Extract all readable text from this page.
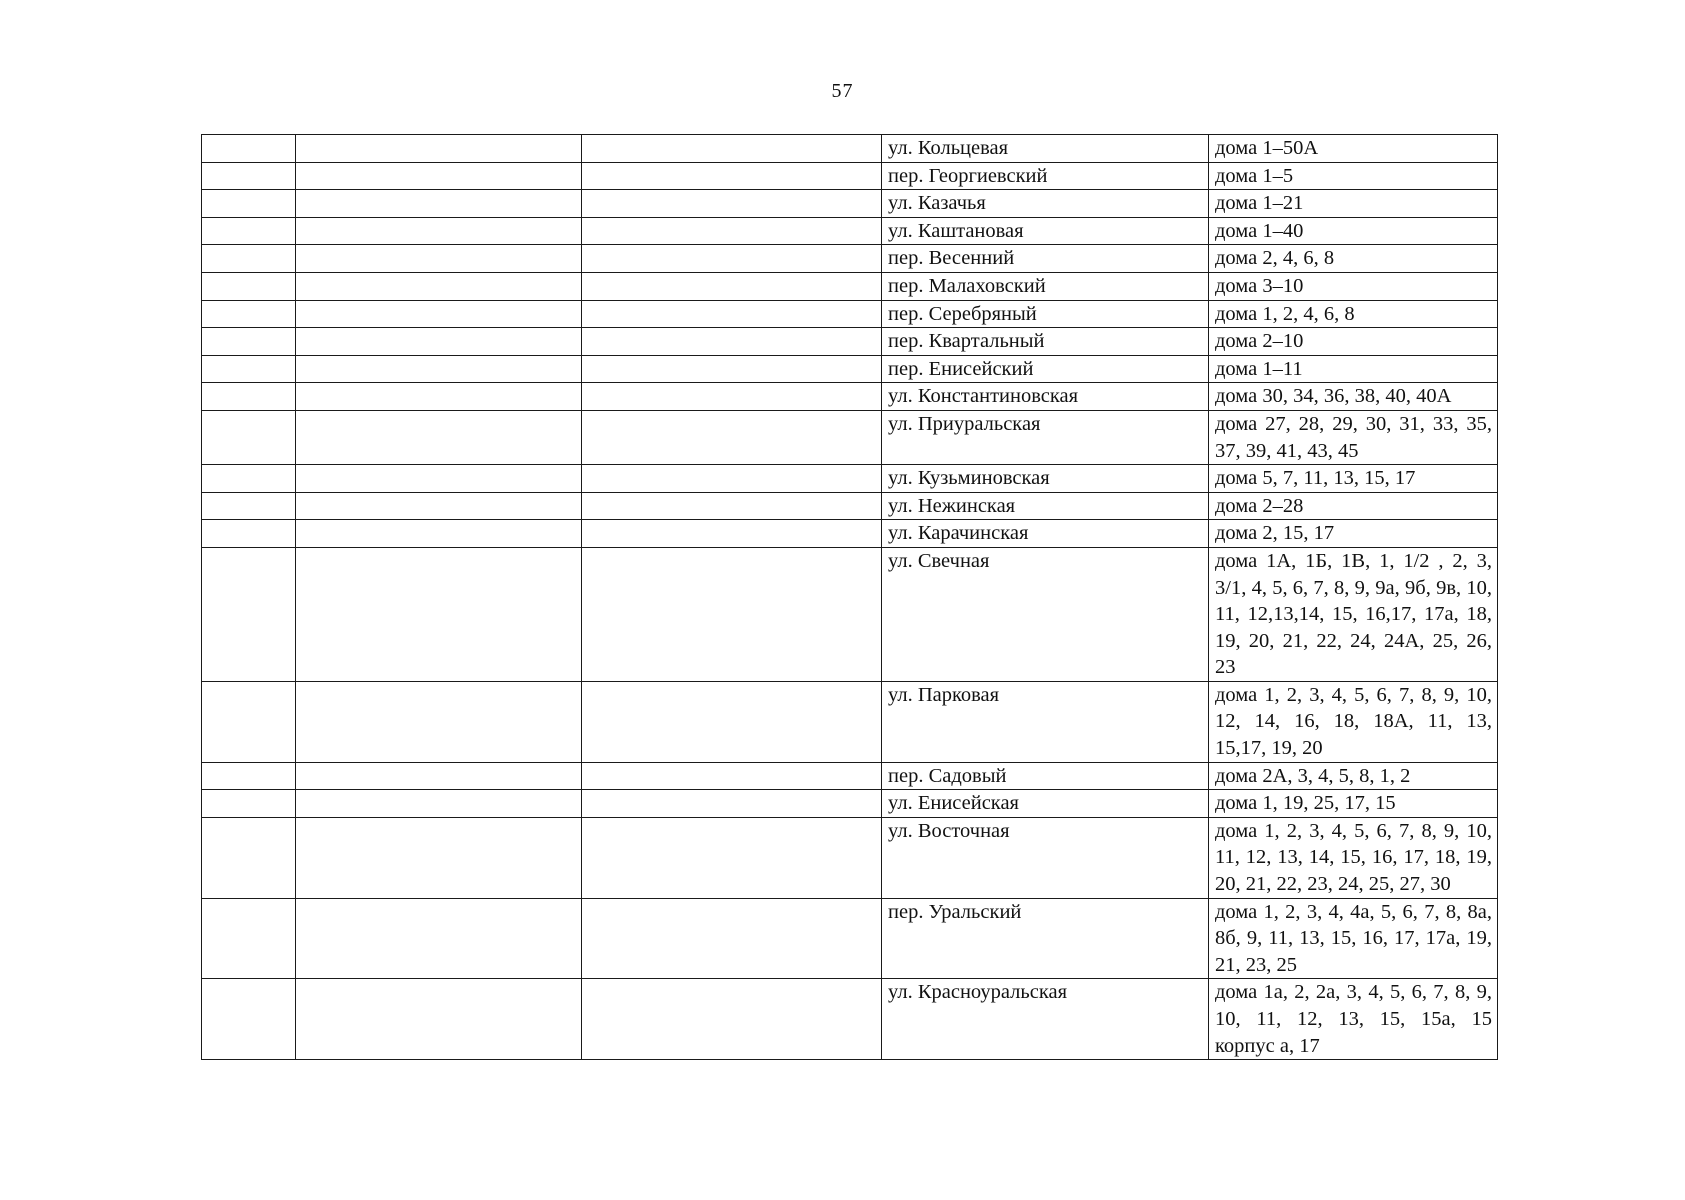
57
			ул. Кольцевая	дома 1–50А
			пер. Георгиевский	дома 1–5
			ул. Казачья	дома 1–21
			ул. Каштановая	дома 1–40
			пер. Весенний	дома 2, 4, 6, 8
			пер. Малаховский	дома 3–10
			пер. Серебряный	дома 1, 2, 4, 6, 8
			пер. Квартальный	дома 2–10
			пер. Енисейский	дома 1–11
			ул. Константиновская	дома 30, 34, 36, 38, 40, 40А
			ул. Приуральская	дома 27, 28, 29, 30, 31, 33, 35, 37, 39, 41, 43, 45
			ул. Кузьминовская	дома 5, 7, 11, 13, 15, 17
			ул. Нежинская	дома 2–28
			ул. Карачинская	дома 2, 15, 17
			ул. Свечная	дома 1А, 1Б, 1В, 1, 1/2 , 2, 3, 3/1, 4, 5, 6, 7, 8, 9, 9а, 9б, 9в, 10, 11, 12,13,14, 15, 16,17, 17а, 18, 19, 20, 21, 22, 24, 24А, 25, 26, 23
			ул. Парковая	дома 1, 2, 3, 4, 5, 6, 7, 8, 9, 10, 12, 14, 16, 18, 18А, 11, 13, 15,17, 19, 20
			пер. Садовый	дома 2А, 3, 4, 5, 8, 1, 2
			ул. Енисейская	дома 1, 19, 25, 17, 15
			ул. Восточная	дома 1, 2, 3, 4, 5, 6, 7, 8, 9, 10, 11, 12, 13, 14, 15, 16, 17, 18, 19, 20, 21, 22, 23, 24, 25, 27, 30
			пер. Уральский	дома 1, 2, 3, 4, 4а, 5, 6, 7, 8, 8а, 8б, 9, 11, 13, 15, 16, 17, 17а, 19, 21, 23, 25
			ул. Красноуральская	дома 1а, 2, 2а, 3, 4, 5, 6, 7, 8, 9, 10, 11, 12, 13, 15, 15а, 15 корпус а, 17
